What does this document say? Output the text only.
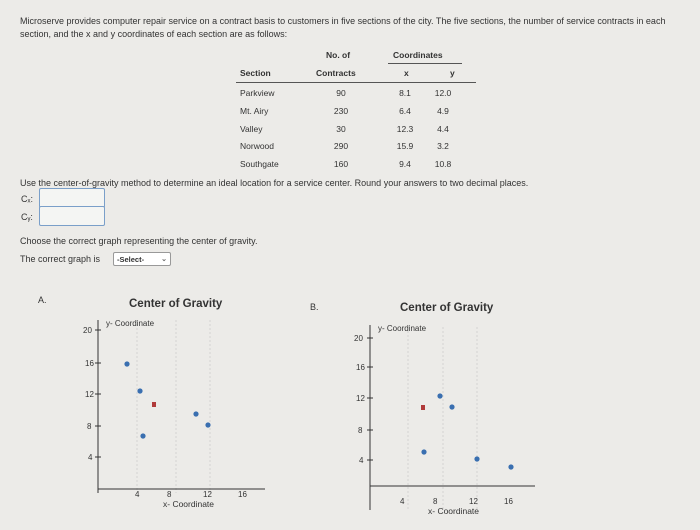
Microserve provides computer repair service on a contract basis to customers in five sections of the city. The five sections, the number of service contracts in each section, and the x and y coordinates of each section are as follows:
No. of	Coordinates
Section	Contracts	x	y
Parkview	90	8.1	12.0
Mt. Airy	230	6.4	4.9
Valley	30	12.3	4.4
Norwood	290	15.9	3.2
Southgate	160	9.4	10.8
Use the center-of-gravity method to determine an ideal location for a service center. Round your answers to two decimal places.
Cₓ:
Cᵧ:
Choose the correct graph representing the center of gravity.
The correct graph is	-Select- ⌄
A.	Center of Gravity
y- Coordinate
20
16
12
8
4
4	8	12	16
x- Coordinate
B.	Center of Gravity
y- Coordinate
20
16
12
8
4
4	8	12	16
x- Coordinate
